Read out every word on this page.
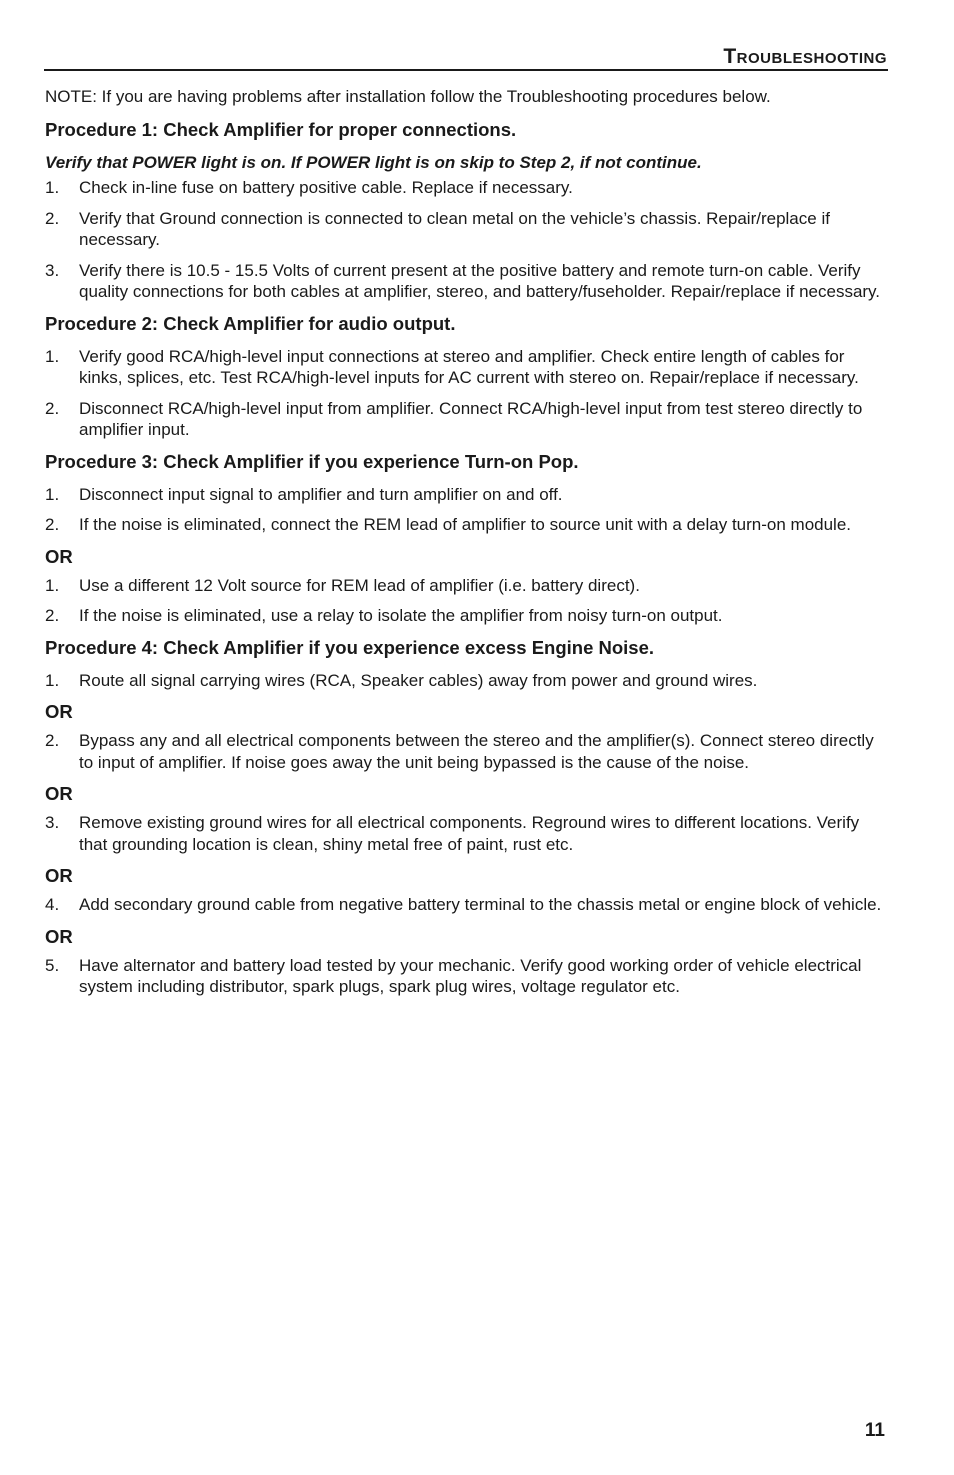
Troubleshooting

NOTE: If you are having problems after installation follow the Troubleshooting procedures below.

Procedure 1: Check Amplifier for proper connections.
Verify that POWER light is on. If POWER light is on skip to Step 2, if not continue.
1. Check in-line fuse on battery positive cable. Replace if necessary.
2. Verify that Ground connection is connected to clean metal on the vehicle’s chassis. Repair/replace if necessary.
3. Verify there is 10.5 - 15.5 Volts of current present at the positive battery and remote turn-on cable. Verify quality connections for both cables at amplifier, stereo, and battery/fuseholder. Repair/replace if necessary.
Procedure 2: Check Amplifier for audio output.
1. Verify good RCA/high-level input connections at stereo and amplifier. Check entire length of cables for kinks, splices, etc. Test RCA/high-level inputs for AC current with stereo on. Repair/replace if necessary.
2. Disconnect RCA/high-level input from amplifier. Connect RCA/high-level input from test stereo directly to amplifier input.
Procedure 3: Check Amplifier if you experience Turn-on Pop.
1. Disconnect input signal to amplifier and turn amplifier on and off.
2. If the noise is eliminated, connect the REM lead of amplifier to source unit with a delay turn-on module.
OR
1. Use a different 12 Volt source for REM lead of amplifier (i.e. battery direct).
2. If the noise is eliminated, use a relay to isolate the amplifier from noisy turn-on output.
Procedure 4: Check Amplifier if you experience excess Engine Noise.
1. Route all signal carrying wires (RCA, Speaker cables) away from power and ground wires.
OR
2. Bypass any and all electrical components between the stereo and the amplifier(s). Connect stereo directly to input of amplifier. If noise goes away the unit being bypassed is the cause of the noise.
OR
3. Remove existing ground wires for all electrical components. Reground wires to different locations. Verify that grounding location is clean, shiny metal free of paint, rust etc.
OR
4. Add secondary ground cable from negative battery terminal to the chassis metal or engine block of vehicle.
OR
5. Have alternator and battery load tested by your mechanic. Verify good working order of vehicle electrical system including distributor, spark plugs, spark plug wires, voltage regulator etc.
11
